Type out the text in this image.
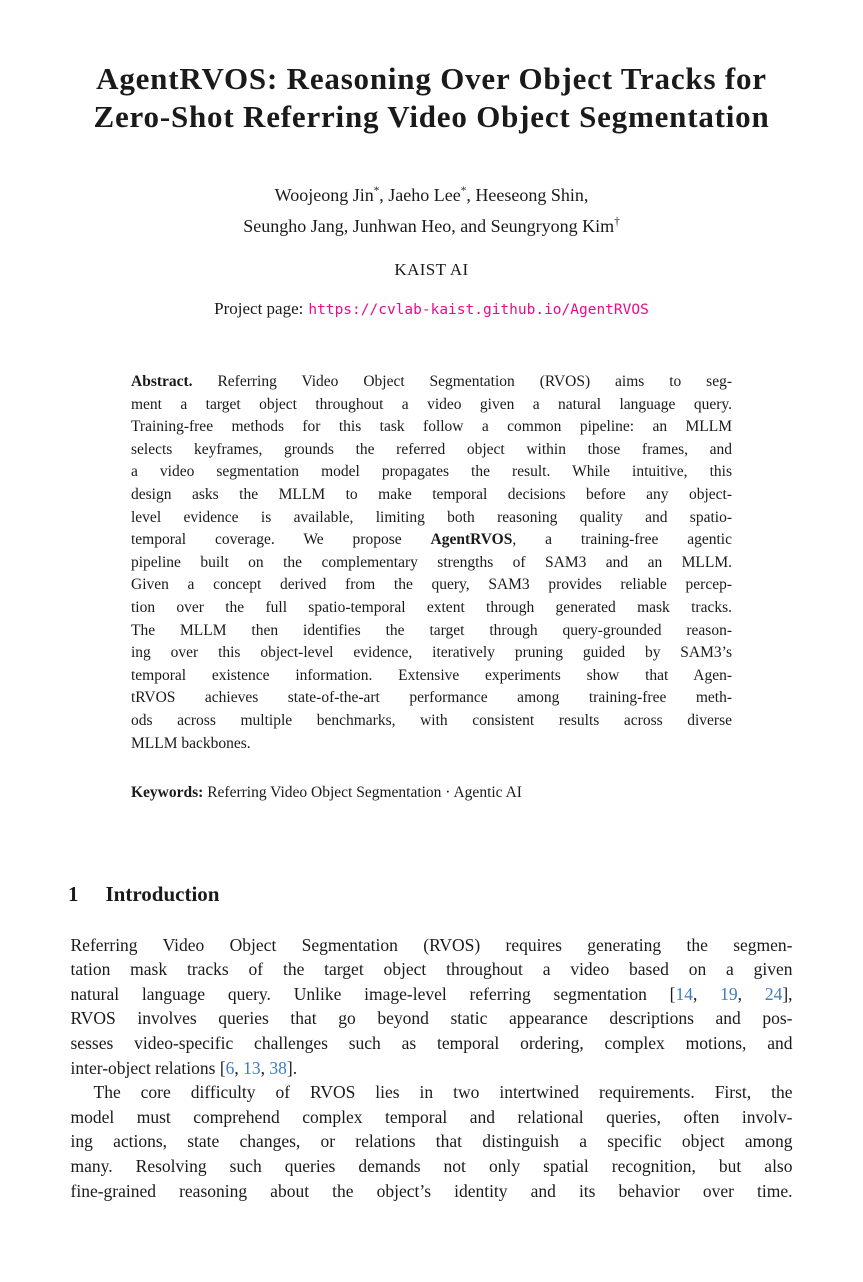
AgentRVOS: Reasoning Over Object Tracks for
Zero-Shot Referring Video Object Segmentation
Woojeong Jin*, Jaeho Lee*, Heeseong Shin,
Seungho Jang, Junhwan Heo, and Seungryong Kim†
KAIST AI
Project page: https://cvlab-kaist.github.io/AgentRVOS
Abstract. Referring Video Object Segmentation (RVOS) aims to seg-
ment a target object throughout a video given a natural language query.
Training-free methods for this task follow a common pipeline: an MLLM
selects keyframes, grounds the referred object within those frames, and
a video segmentation model propagates the result. While intuitive, this
design asks the MLLM to make temporal decisions before any object-
level evidence is available, limiting both reasoning quality and spatio-
temporal coverage. We propose AgentRVOS, a training-free agentic
pipeline built on the complementary strengths of SAM3 and an MLLM.
Given a concept derived from the query, SAM3 provides reliable percep-
tion over the full spatio-temporal extent through generated mask tracks.
The MLLM then identifies the target through query-grounded reason-
ing over this object-level evidence, iteratively pruning guided by SAM3’s
temporal existence information. Extensive experiments show that Agen-
tRVOS achieves state-of-the-art performance among training-free meth-
ods across multiple benchmarks, with consistent results across diverse
MLLM backbones.
Keywords: Referring Video Object Segmentation · Agentic AI
1 Introduction
Referring Video Object Segmentation (RVOS) requires generating the segmen-
tation mask tracks of the target object throughout a video based on a given
natural language query. Unlike image-level referring segmentation [14, 19, 24],
RVOS involves queries that go beyond static appearance descriptions and pos-
sesses video-specific challenges such as temporal ordering, complex motions, and
inter-object relations [6, 13, 38].
The core difficulty of RVOS lies in two intertwined requirements. First, the
model must comprehend complex temporal and relational queries, often involv-
ing actions, state changes, or relations that distinguish a specific object among
many. Resolving such queries demands not only spatial recognition, but also
fine-grained reasoning about the object’s identity and its behavior over time.
